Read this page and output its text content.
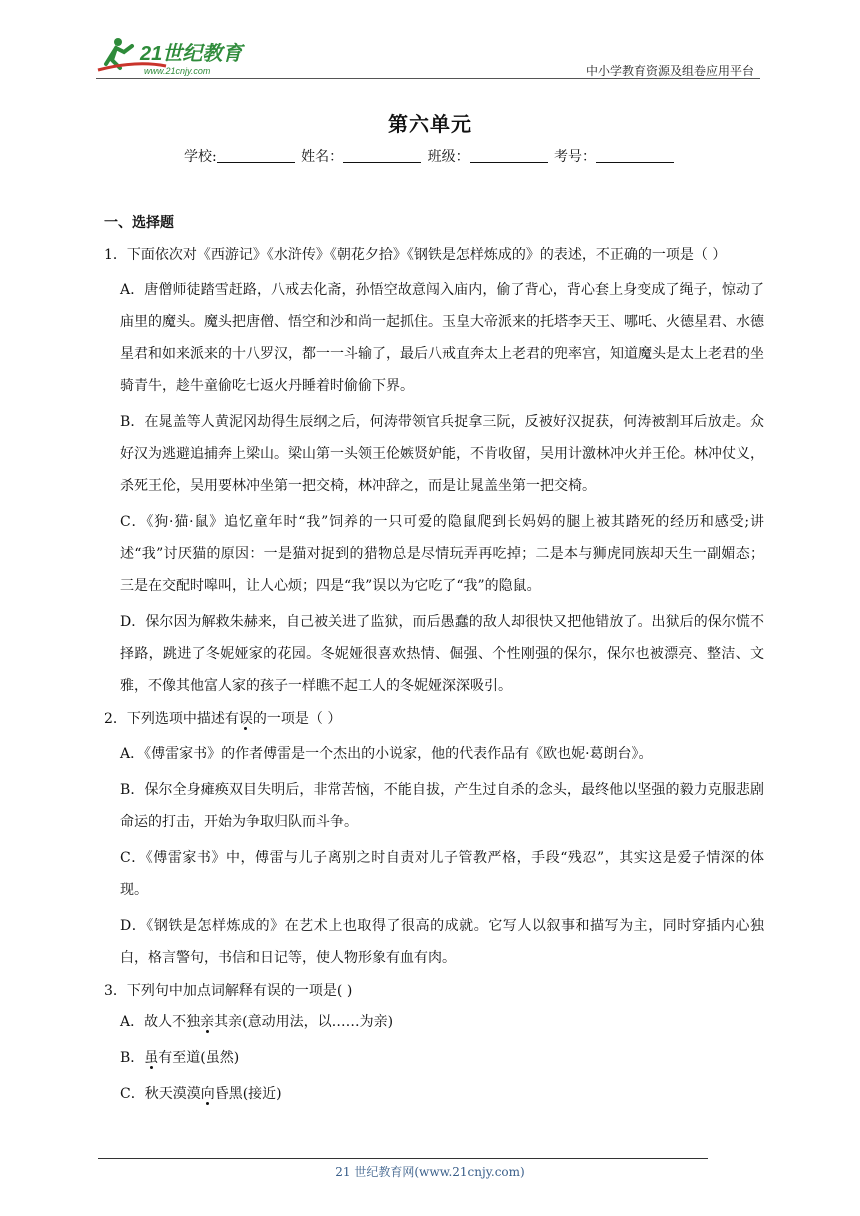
21世纪教育
www.21cnjy.com	中小学教育资源及组卷应用平台
第六单元
学校:	姓名：	班级：	考号：
一、选择题

1．下面依次对《西游记》《水浒传》《朝花夕拾》《钢铁是怎样炼成的》的表述，不正确的一项是（ ）

A．唐僧师徒踏雪赶路，八戒去化斋，孙悟空故意闯入庙内，偷了背心，背心套上身变成了绳子，惊动了庙里的魔头。魔头把唐僧、悟空和沙和尚一起抓住。玉皇大帝派来的托塔李天王、哪吒、火德星君、水德星君和如来派来的十八罗汉，都一一斗输了，最后八戒直奔太上老君的兜率宫，知道魔头是太上老君的坐骑青牛，趁牛童偷吃七返火丹睡着时偷偷下界。
B．在晁盖等人黄泥冈劫得生辰纲之后，何涛带领官兵捉拿三阮，反被好汉捉获，何涛被割耳后放走。众好汉为逃避追捕奔上梁山。梁山第一头领王伦嫉贤妒能，不肯收留，吴用计激林冲火并王伦。林冲仗义，杀死王伦，吴用要林冲坐第一把交椅，林冲辞之，而是让晁盖坐第一把交椅。
C．《狗·猫·鼠》追忆童年时“我”饲养的一只可爱的隐鼠爬到长妈妈的腿上被其踏死的经历和感受;讲述“我”讨厌猫的原因：一是猫对捉到的猎物总是尽情玩弄再吃掉；二是本与狮虎同族却天生一副媚态；三是在交配时嗥叫，让人心烦；四是“我”误以为它吃了“我”的隐鼠。
D．保尔因为解救朱赫来，自己被关进了监狱，而后愚蠢的敌人却很快又把他错放了。出狱后的保尔慌不择路，跳进了冬妮娅家的花园。冬妮娅很喜欢热情、倔强、个性刚强的保尔，保尔也被漂亮、整洁、文雅，不像其他富人家的孩子一样瞧不起工人的冬妮娅深深吸引。

2．下列选项中描述有误的一项是（ ）

A．《傅雷家书》的作者傅雷是一个杰出的小说家，他的代表作品有《欧也妮·葛朗台》。
B．保尔全身瘫痪双目失明后，非常苦恼，不能自拔，产生过自杀的念头，最终他以坚强的毅力克服悲剧命运的打击，开始为争取归队而斗争。
C．《傅雷家书》中，傅雷与儿子离别之时自责对儿子管教严格，手段“残忍”，其实这是爱子情深的体现。
D．《钢铁是怎样炼成的》在艺术上也取得了很高的成就。它写人以叙事和描写为主，同时穿插内心独白，格言警句，书信和日记等，使人物形象有血有肉。

3．下列句中加点词解释有误的一项是( )

A．故人不独亲其亲(意动用法，以……为亲)
B．虽有至道(虽然)
C．秋天漠漠向昏黑(接近)
21 世纪教育网(www.21cnjy.com)
